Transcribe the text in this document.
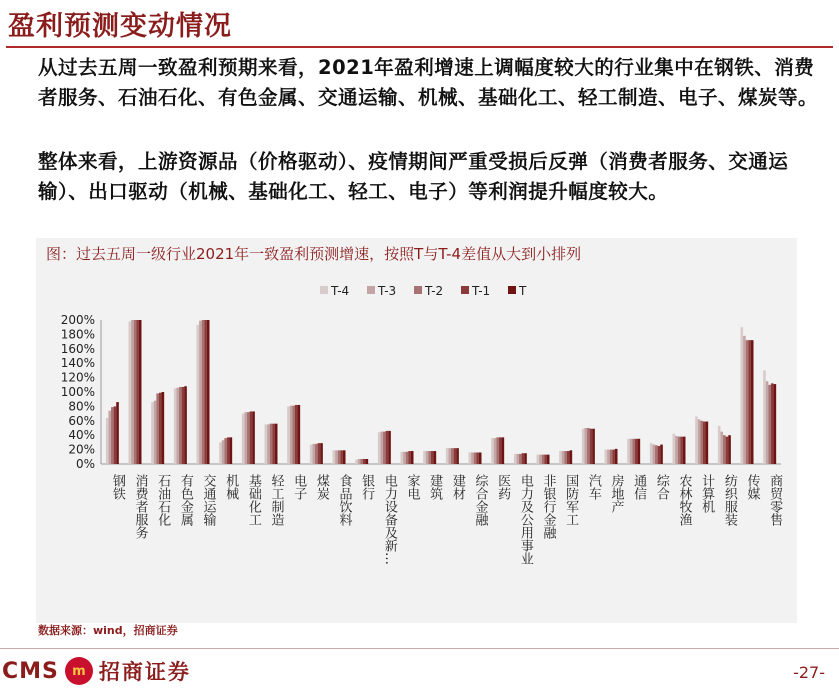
盈利预测变动情况
从过去五周一致盈利预期来看，2021年盈利增速上调幅度较大的行业集中在钢铁、消费者服务、石油石化、有色金属、交通运输、机械、基础化工、轻工制造、电子、煤炭等。
整体来看，上游资源品（价格驱动）、疫情期间严重受损后反弹（消费者服务、交通运输）、出口驱动（机械、基础化工、轻工、电子）等利润提升幅度较大。
图：过去五周一级行业2021年一致盈利预测增速，按照T与T-4差值从大到小排列
T-4 T-3 T-2 T-1 T
0%
20%
40%
60%
80%
100%
120%
140%
160%
180%
200%
钢铁 消费者服务 石油石化 有色金属 交通运输 机械 基础化工 轻工制造 电子 煤炭 食品饮料 银行 电力设备及新… 家电 建筑 建材 综合金融 医药 电力及公用事业 非银行金融 国防军工 汽车 房地产 通信 综合 农林牧渔 计算机 纺织服装 传媒 商贸零售
数据来源：wind，招商证券
CMS	m 招商证券	-27-
